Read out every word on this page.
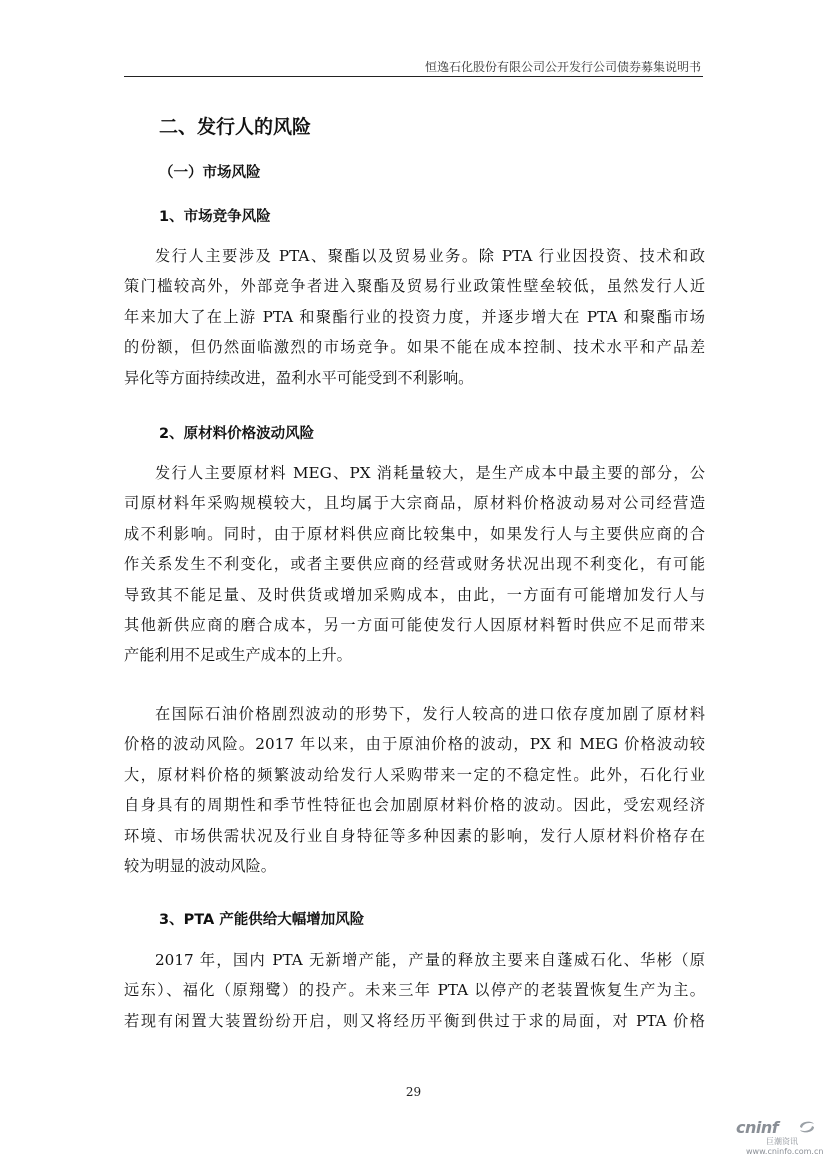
恒逸石化股份有限公司公开发行公司债券募集说明书
二、发行人的风险
（一）市场风险
1、市场竞争风险
发行人主要涉及 PTA、聚酯以及贸易业务。除 PTA 行业因投资、技术和政
策门槛较高外，外部竞争者进入聚酯及贸易行业政策性壁垒较低，虽然发行人近
年来加大了在上游 PTA 和聚酯行业的投资力度，并逐步增大在 PTA 和聚酯市场
的份额，但仍然面临激烈的市场竞争。如果不能在成本控制、技术水平和产品差
异化等方面持续改进，盈利水平可能受到不利影响。
2、原材料价格波动风险
发行人主要原材料 MEG、PX 消耗量较大，是生产成本中最主要的部分，公
司原材料年采购规模较大，且均属于大宗商品，原材料价格波动易对公司经营造
成不利影响。同时，由于原材料供应商比较集中，如果发行人与主要供应商的合
作关系发生不利变化，或者主要供应商的经营或财务状况出现不利变化，有可能
导致其不能足量、及时供货或增加采购成本，由此，一方面有可能增加发行人与
其他新供应商的磨合成本，另一方面可能使发行人因原材料暂时供应不足而带来
产能利用不足或生产成本的上升。
在国际石油价格剧烈波动的形势下，发行人较高的进口依存度加剧了原材料
价格的波动风险。2017 年以来，由于原油价格的波动，PX 和 MEG 价格波动较
大，原材料价格的频繁波动给发行人采购带来一定的不稳定性。此外，石化行业
自身具有的周期性和季节性特征也会加剧原材料价格的波动。因此，受宏观经济
环境、市场供需状况及行业自身特征等多种因素的影响，发行人原材料价格存在
较为明显的波动风险。
3、PTA 产能供给大幅增加风险
2017 年，国内 PTA 无新增产能，产量的释放主要来自蓬威石化、华彬（原
远东）、福化（原翔鹭）的投产。未来三年 PTA 以停产的老装置恢复生产为主。
若现有闲置大装置纷纷开启，则又将经历平衡到供过于求的局面，对 PTA 价格
29
cninf
巨潮资讯
www.cninfo.com.cn
